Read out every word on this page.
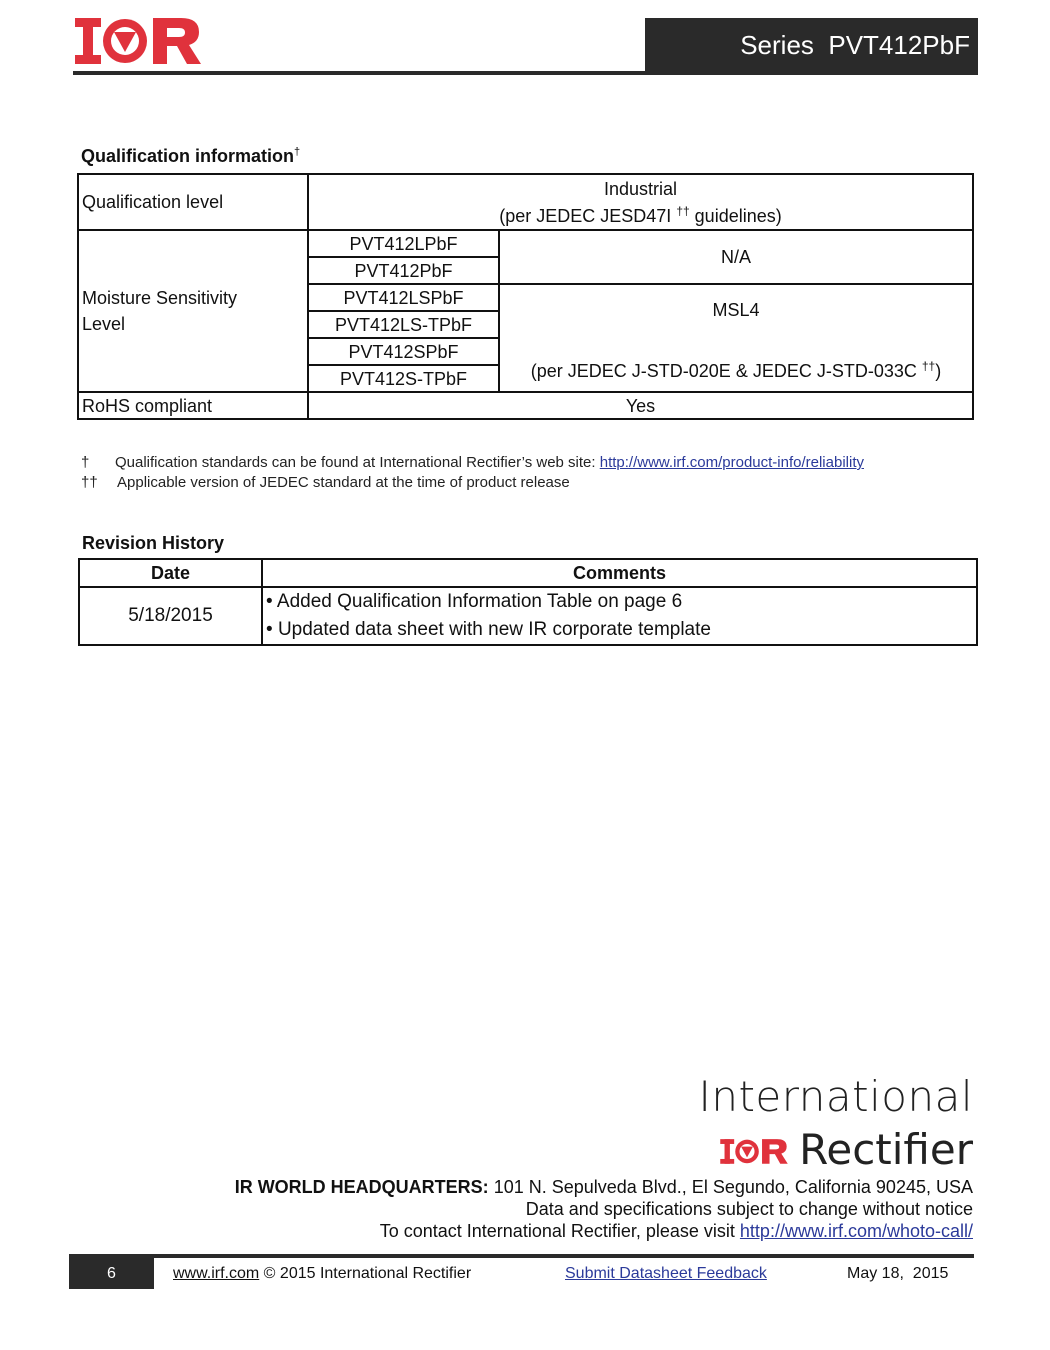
Series  PVT412PbF
Qualification information†
Qualification level	Industrial
(per JEDEC JESD47I †† guidelines)	

Moisture Sensitivity
Level	PVT412LPbF	N/A
	PVT412PbF	
	PVT412LSPbF	MSL4
(per JEDEC J-STD-020E & JEDEC J-STD-033C ††)

	PVT412LS-TPbF	
	PVT412SPbF	
	PVT412S-TPbF	
RoHS compliant	Yes	
† Qualification standards can be found at International Rectifier’s web site: http://www.irf.com/product-info/reliability
†† Applicable version of JEDEC standard at the time of product release
Revision History
Date	Comments
5/18/2015	• Added Qualification Information Table on page 6
• Updated data sheet with new IR corporate template
International
Rectifier
IR WORLD HEADQUARTERS: 101 N. Sepulveda Blvd., El Segundo, California 90245, USA
Data and specifications subject to change without notice
To contact International Rectifier, please visit http://www.irf.com/whoto-call/
6	www.irf.com © 2015 International Rectifier	Submit Datasheet Feedback	May 18,  2015
